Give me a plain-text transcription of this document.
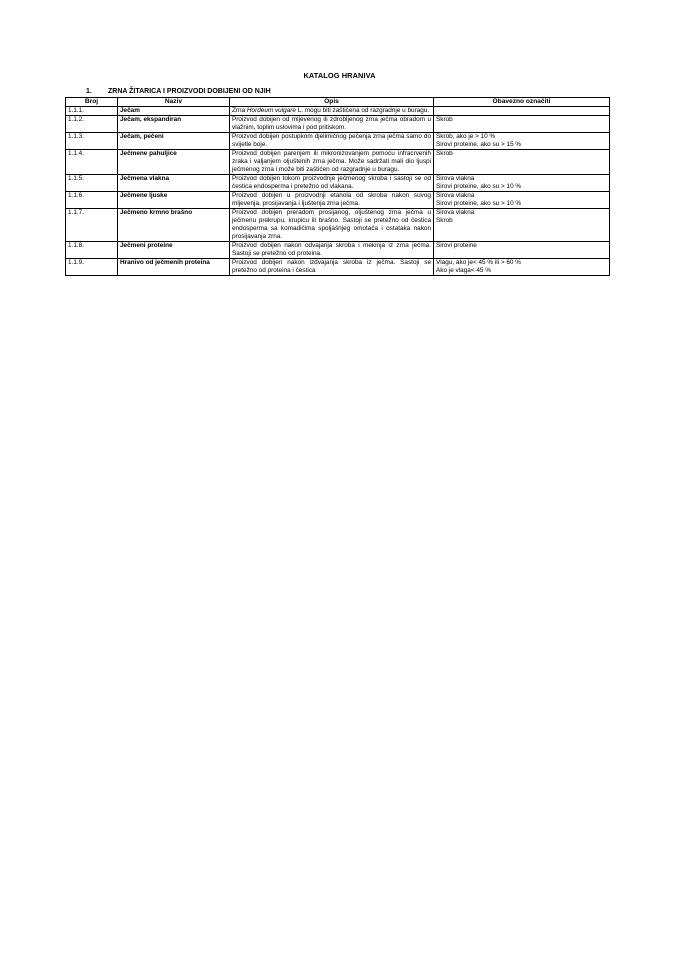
KATALOG HRANIVA
1. ZRNA ŽITARICA I PROIZVODI DOBIJENI OD NJIH
Broj	Naziv	Opis	Obavezno označiti
1.1.1.	Ječam	Zrna Hordeum vulgare L. mogu biti zaštićena od razgradnje u buragu.	
1.1.2.	Ječam, ekspandiran	Proizvod dobijen od mljevenog ili zdrobljenog zrna ječma obradom u vlažnim, toplim uslovima i pod pritiskom.	Skrob

1.1.3.	Ječam, pečeni	Proizvod dobijen postupkom djelimičnog pečenja zrna ječma samo do svijetle boje.	Skrob, ako je > 10 %
Sirovi proteine, ako su > 15 %

1.1.4.	Ječmene pahuljice	Proizvod dobijen parenjem ili mikronizovanjem pomoću infracrvenih zraka i valjanjem oljuštenih zrna ječma. Može sadržati mali dio ljuspi ječmenog zrna i može biti zaštićen od razgradnje u buragu.	Skrob

1.1.5.	Ječmena vlakna	Proizvod dobijen tokom proizvodnje ječmenog skroba i sastoji se od čestica endosperma i pretežno od vlakana.	Sirova vlakna
Sirovi proteine, ako su > 10 %

1.1.6.	Ječmene ljuske	Proizvod dobijen u proizvodnji etanola od skroba nakon suvog mljevenja, prosijavanja i ljuštenja zrna ječma.	Sirova vlakna
Sirovi proteine, ako su > 10 %

1.1.7.	Ječmeno krmno brašno	Proizvod dobijen preradom prosijanog, oljuštenog zrna ječma u ječmenu prekrupu, krupicu ili brašno. Sastoji se pretežno od čestica endosperma sa komadićima spoljašnjeg omotača i ostataka nakon prosijavanja zrna.	Sirova vlakna
Skrob

1.1.8.	Ječmeni proteine	Proizvod dobijen nakon odvajanja skroba i mekinja iz zrna ječma. Sastoji se pretežno od proteina.	Sirovi proteine

1.1.9.	Hranivo od ječmenih proteina	Proizvod dobijen nakon izdvajanja skroba iz ječma. Sastoji se pretežno od proteina i čestica	Vlagu, ako je< 45 % ili > 60 %
Ako je vlaga< 45 %
